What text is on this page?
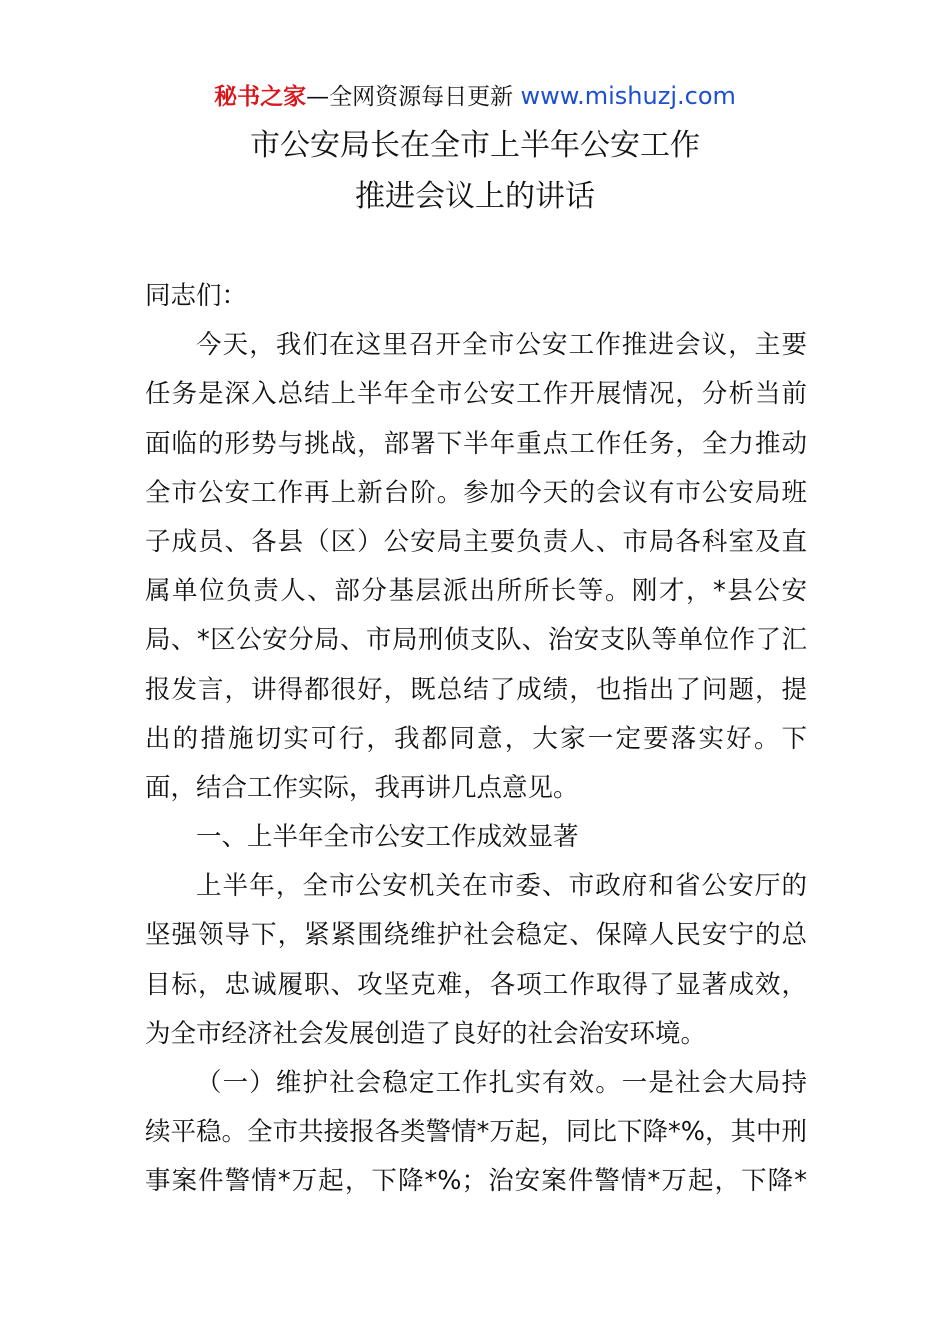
秘书之家—全网资源每日更新 www.mishuzj.com
市公安局长在全市上半年公安工作
推进会议上的讲话
同志们：
今天，我们在这里召开全市公安工作推进会议，主要
任务是深入总结上半年全市公安工作开展情况，分析当前
面临的形势与挑战，部署下半年重点工作任务，全力推动
全市公安工作再上新台阶。参加今天的会议有市公安局班
子成员、各县（区）公安局主要负责人、市局各科室及直
属单位负责人、部分基层派出所所长等。刚才，*县公安
局、*区公安分局、市局刑侦支队、治安支队等单位作了汇
报发言，讲得都很好，既总结了成绩，也指出了问题，提
出的措施切实可行，我都同意，大家一定要落实好。下
面，结合工作实际，我再讲几点意见。
一、上半年全市公安工作成效显著
上半年，全市公安机关在市委、市政府和省公安厅的
坚强领导下，紧紧围绕维护社会稳定、保障人民安宁的总
目标，忠诚履职、攻坚克难，各项工作取得了显著成效，
为全市经济社会发展创造了良好的社会治安环境。
（一）维护社会稳定工作扎实有效。一是社会大局持
续平稳。全市共接报各类警情*万起，同比下降*%，其中刑
事案件警情*万起，下降*%；治安案件警情*万起，下降*
